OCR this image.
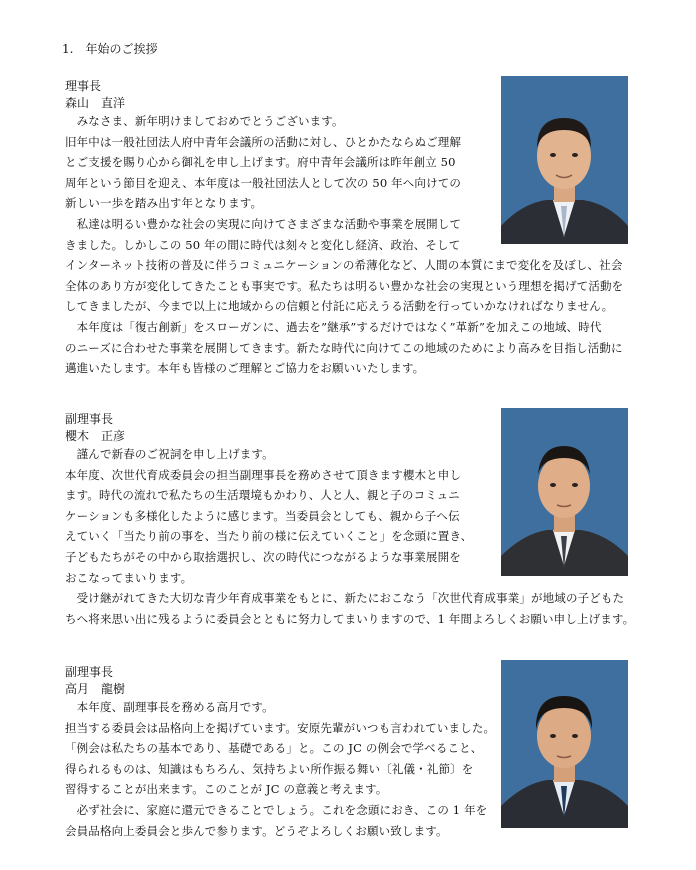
1.　年始のご挨拶
理事長
森山　直洋
　みなさま、新年明けましておめでとうございます。
旧年中は一般社団法人府中青年会議所の活動に対し、ひとかたならぬご理解
とご支援を賜り心から御礼を申し上げます。府中青年会議所は昨年創立 50
周年という節目を迎え、本年度は一般社団法人として次の 50 年へ向けての
新しい一歩を踏み出す年となります。
　私達は明るい豊かな社会の実現に向けてさまざまな活動や事業を展開して
きました。しかしこの 50 年の間に時代は刻々と変化し経済、政治、そして
インターネット技術の普及に伴うコミュニケーションの希薄化など、人間の本質にまで変化を及ぼし、社会
全体のあり方が変化してきたことも事実です。私たちは明るい豊かな社会の実現という理想を掲げて活動を
してきましたが、今まで以上に地域からの信頼と付託に応えうる活動を行っていかなければなりません。
　本年度は「復古創新」をスローガンに、過去を”継承”するだけではなく”革新”を加えこの地域、時代
のニーズに合わせた事業を展開してきます。新たな時代に向けてこの地域のためにより高みを目指し活動に
邁進いたします。本年も皆様のご理解とご協力をお願いいたします。
副理事長
櫻木　正彦
　謹んで新春のご祝詞を申し上げます。
本年度、次世代育成委員会の担当副理事長を務めさせて頂きます櫻木と申し
ます。時代の流れで私たちの生活環境もかわり、人と人、親と子のコミュニ
ケーションも多様化したように感じます。当委員会としても、親から子へ伝
えていく「当たり前の事を、当たり前の様に伝えていくこと」を念頭に置き、
子どもたちがその中から取捨選択し、次の時代につながるような事業展開を
おこなってまいります。
　受け継がれてきた大切な青少年育成事業をもとに、新たにおこなう「次世代育成事業」が地域の子どもた
ちへ将来思い出に残るように委員会とともに努力してまいりますので、1 年間よろしくお願い申し上げます。
副理事長
高月　龍樹
　本年度、副理事長を務める高月です。
担当する委員会は品格向上を掲げています。安原先輩がいつも言われていました。
「例会は私たちの基本であり、基礎である」と。この JC の例会で学べること、
得られるものは、知識はもちろん、気持ちよい所作振る舞い〔礼儀・礼節〕を
習得することが出来ます。このことが JC の意義と考えます。
　必ず社会に、家庭に還元できることでしょう。これを念頭におき、この 1 年を
会員品格向上委員会と歩んで参ります。どうぞよろしくお願い致します。
